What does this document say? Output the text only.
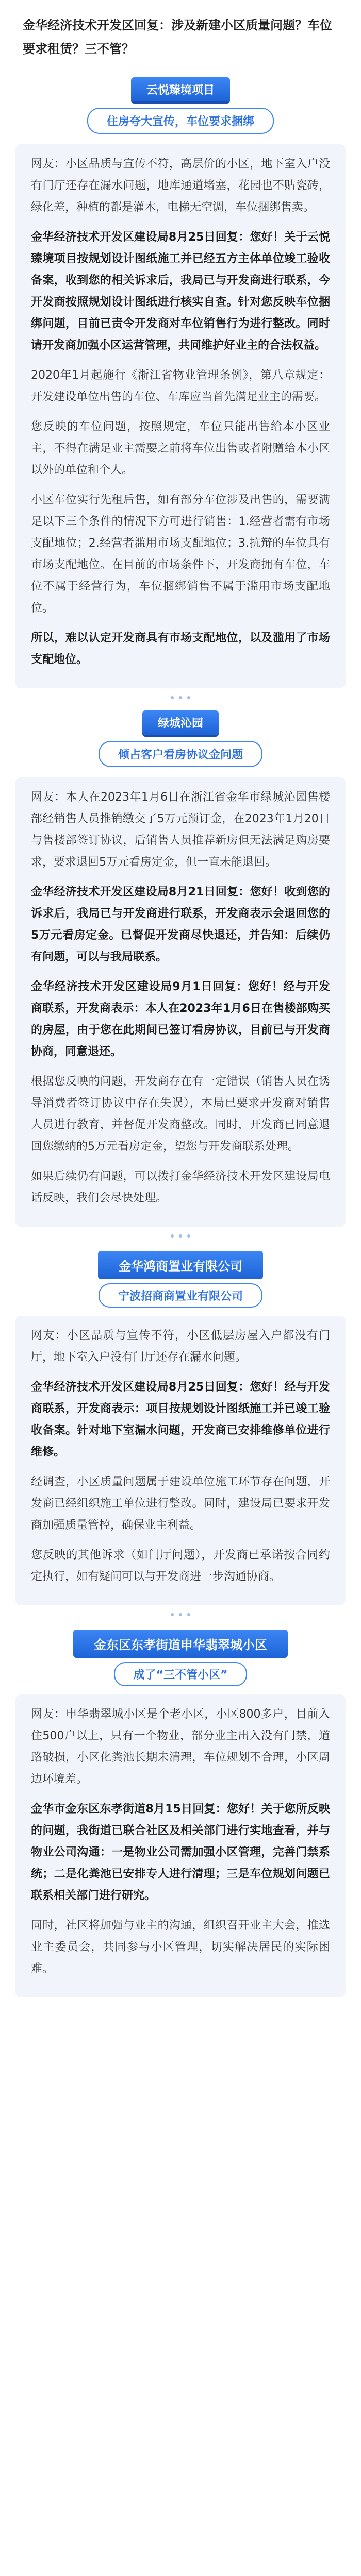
金华经济技术开发区回复：涉及新建小区质量问题？车位要求租赁？三不管？
云悦臻境项目
住房夸大宣传，车位要求捆绑

网友：小区品质与宣传不符，高层价的小区，地下室入户没有门厅还存在漏水问题，地库通道堵塞，花园也不贴瓷砖，绿化差，种植的都是灌木，电梯无空调，车位捆绑售卖。

金华经济技术开发区建设局8月25日回复：您好！关于云悦臻境项目按规划设计图纸施工并已经五方主体单位竣工验收备案，收到您的相关诉求后，我局已与开发商进行联系，今开发商按照规划设计图纸进行核实自查。针对您反映车位捆绑问题，目前已责令开发商对车位销售行为进行整改。同时请开发商加强小区运营管理，共同维护好业主的合法权益。

2020年1月起施行《浙江省物业管理条例》，第八章规定：开发建设单位出售的车位、车库应当首先满足业主的需要。

您反映的车位问题，按照规定，车位只能出售给本小区业主，不得在满足业主需要之前将车位出售或者附赠给本小区以外的单位和个人。

小区车位实行先租后售，如有部分车位涉及出售的，需要满足以下三个条件的情况下方可进行销售：1.经营者需有市场支配地位；2.经营者滥用市场支配地位；3.抗辩的车位具有市场支配地位。在目前的市场条件下，开发商拥有车位，车位不属于经营行为，车位捆绑销售不属于滥用市场支配地位。

所以，难以认定开发商具有市场支配地位，以及滥用了市场支配地位。

绿城沁园
倾占客户看房协议金问题

网友：本人在2023年1月6日在浙江省金华市绿城沁园售楼部经销售人员推销缴交了5万元预订金，在2023年1月20日与售楼部签订协议，后销售人员推荐新房但无法满足购房要求，要求退回5万元看房定金，但一直未能退回。

金华经济技术开发区建设局8月21日回复：您好！收到您的诉求后，我局已与开发商进行联系，开发商表示会退回您的5万元看房定金。已督促开发商尽快退还，并告知：后续仍有问题，可以与我局联系。

金华经济技术开发区建设局9月1日回复：您好！经与开发商联系，开发商表示：本人在2023年1月6日在售楼部购买的房屋，由于您在此期间已签订看房协议，目前已与开发商协商，同意退还。

根据您反映的问题，开发商存在有一定错误（销售人员在诱导消费者签订协议中存在失误），本局已要求开发商对销售人员进行教育，并督促开发商整改。同时，开发商已同意退回您缴纳的5万元看房定金，望您与开发商联系处理。

如果后续仍有问题，可以拨打金华经济技术开发区建设局电话反映，我们会尽快处理。

金华鸿商置业有限公司
宁波招商商置业有限公司

网友：小区品质与宣传不符，小区低层房屋入户都没有门厅，地下室入户没有门厅还存在漏水问题。

金华经济技术开发区建设局8月25日回复：您好！经与开发商联系，开发商表示：项目按规划设计图纸施工并已竣工验收备案。针对地下室漏水问题，开发商已安排维修单位进行维修。

经调查，小区质量问题属于建设单位施工环节存在问题，开发商已经组织施工单位进行整改。同时，建设局已要求开发商加强质量管控，确保业主利益。

您反映的其他诉求（如门厅问题），开发商已承诺按合同约定执行，如有疑问可以与开发商进一步沟通协商。

金东区东孝街道申华翡翠城小区
成了“三不管小区”

网友：申华翡翠城小区是个老小区，小区800多户，目前入住500户以上，只有一个物业，部分业主出入没有门禁，道路破损，小区化粪池长期未清理，车位规划不合理，小区周边环境差。

金华市金东区东孝街道8月15日回复：您好！关于您所反映的问题，我街道已联合社区及相关部门进行实地查看，并与物业公司沟通：一是物业公司需加强小区管理，完善门禁系统；二是化粪池已安排专人进行清理；三是车位规划问题已联系相关部门进行研究。

同时，社区将加强与业主的沟通，组织召开业主大会，推选业主委员会，共同参与小区管理，切实解决居民的实际困难。
